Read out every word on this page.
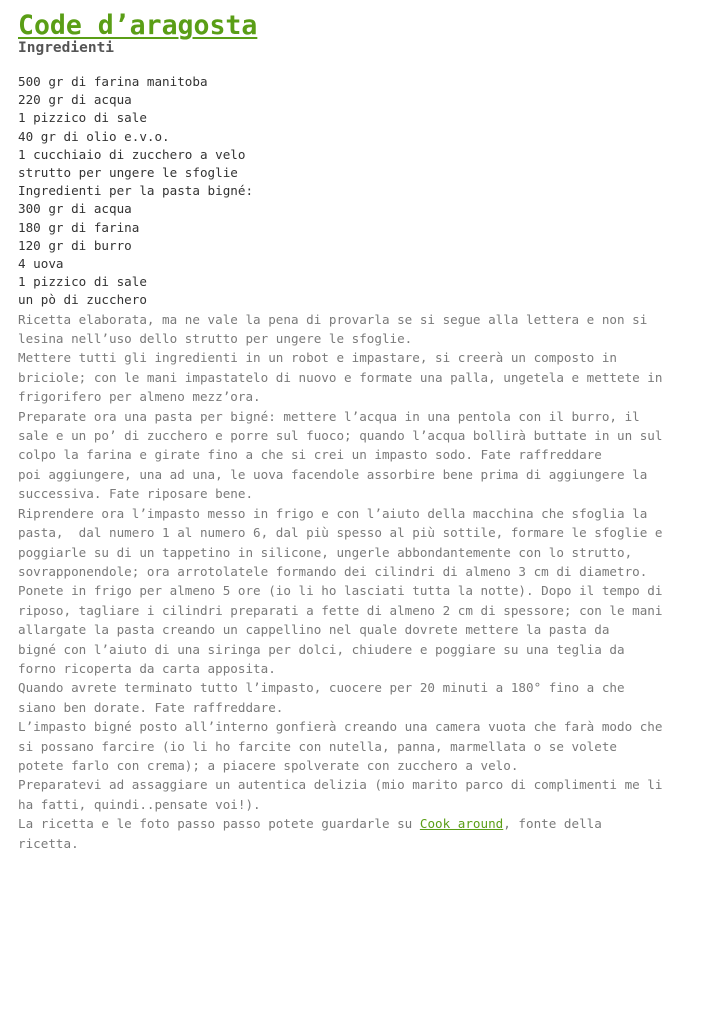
Code d’aragosta
Ingredienti
500 gr di farina manitoba
220 gr di acqua
1 pizzico di sale
40 gr di olio e.v.o.
1 cucchiaio di zucchero a velo
strutto per ungere le sfoglie
Ingredienti per la pasta bigné:
300 gr di acqua
180 gr di farina
120 gr di burro
4 uova
1 pizzico di sale
un pò di zucchero
Ricetta elaborata, ma ne vale la pena di provarla se si segue alla lettera e non si
lesina nell’uso dello strutto per ungere le sfoglie.
Mettere tutti gli ingredienti in un robot e impastare, si creerà un composto in
briciole; con le mani impastatelo di nuovo e formate una palla, ungetela e mettete in
frigorifero per almeno mezz’ora.
Preparate ora una pasta per bigné: mettere l’acqua in una pentola con il burro, il
sale e un po’ di zucchero e porre sul fuoco; quando l’acqua bollirà buttate in un sul
colpo la farina e girate fino a che si crei un impasto sodo. Fate raffreddare
poi aggiungere, una ad una, le uova facendole assorbire bene prima di aggiungere la
successiva. Fate riposare bene.
Riprendere ora l’impasto messo in frigo e con l’aiuto della macchina che sfoglia la
pasta,  dal numero 1 al numero 6, dal più spesso al più sottile, formare le sfoglie e
poggiarle su di un tappetino in silicone, ungerle abbondantemente con lo strutto,
sovrapponendole; ora arrotolatele formando dei cilindri di almeno 3 cm di diametro.
Ponete in frigo per almeno 5 ore (io li ho lasciati tutta la notte). Dopo il tempo di
riposo, tagliare i cilindri preparati a fette di almeno 2 cm di spessore; con le mani
allargate la pasta creando un cappellino nel quale dovrete mettere la pasta da
bigné con l’aiuto di una siringa per dolci, chiudere e poggiare su una teglia da
forno ricoperta da carta apposita.
Quando avrete terminato tutto l’impasto, cuocere per 20 minuti a 180° fino a che
siano ben dorate. Fate raffreddare.
L’impasto bigné posto all’interno gonfierà creando una camera vuota che farà modo che
si possano farcire (io li ho farcite con nutella, panna, marmellata o se volete
potete farlo con crema); a piacere spolverate con zucchero a velo.
Preparatevi ad assaggiare un autentica delizia (mio marito parco di complimenti me li
ha fatti, quindi..pensate voi!).
La ricetta e le foto passo passo potete guardarle su Cook around, fonte della
ricetta.
